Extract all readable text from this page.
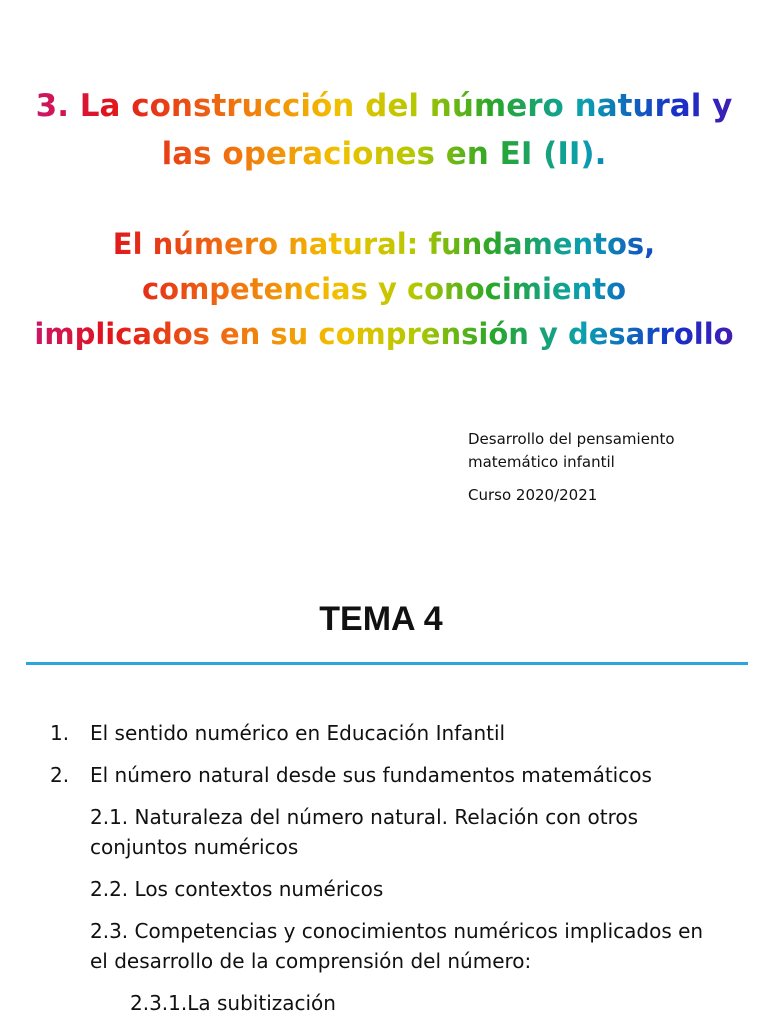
3. La construcción del número natural y
las operaciones en EI (II).
El número natural: fundamentos,
competencias y conocimiento
implicados en su comprensión y desarrollo
Desarrollo del pensamiento
matemático infantil
Curso 2020/2021
TEMA 4
1. El sentido numérico en Educación Infantil
2. El número natural desde sus fundamentos matemáticos
2.1. Naturaleza del número natural. Relación con otros conjuntos numéricos
2.2. Los contextos numéricos
2.3. Competencias y conocimientos numéricos implicados en el desarrollo de la comprensión del número:
2.3.1.La subitización
